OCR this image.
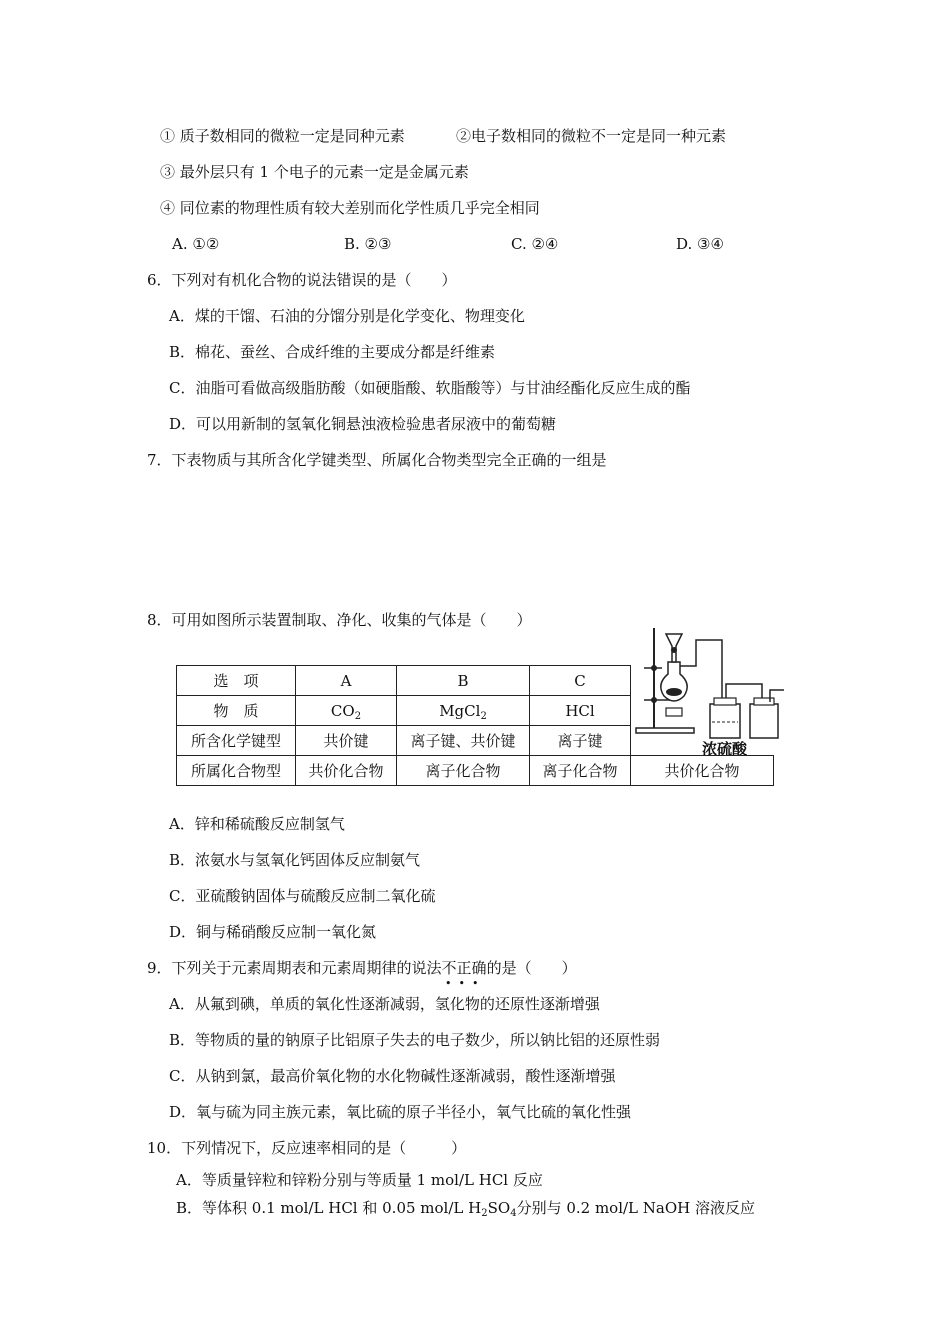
① 质子数相同的微粒一定是同种元素	②电子数相同的微粒不一定是同一种元素
③ 最外层只有 1 个电子的元素一定是金属元素
④ 同位素的物理性质有较大差别而化学性质几乎完全相同
A. ①②	B. ②③	C. ②④	D. ③④
6．下列对有机化合物的说法错误的是（　　）
A．煤的干馏、石油的分馏分别是化学变化、物理变化
B．棉花、蚕丝、合成纤维的主要成分都是纤维素
C．油脂可看做高级脂肪酸（如硬脂酸、软脂酸等）与甘油经酯化反应生成的酯
D．可以用新制的氢氧化铜悬浊液检验患者尿液中的葡萄糖
7．下表物质与其所含化学键类型、所属化合物类型完全正确的一组是
8．可用如图所示装置制取、净化、收集的气体是（　　）
浓硫酸
选　项	A	B	C	
物　质	$CO_2$	MgCl$_2$	HCl	
所含化学键型	共价键	离子键、共价键	离子键	
所属化合物型	共价化合物	离子化合物	离子化合物	共价化合物
A．锌和稀硫酸反应制氢气
B．浓氨水与氢氧化钙固体反应制氨气
C．亚硫酸钠固体与硫酸反应制二氧化硫
D．铜与稀硝酸反应制一氧化氮
9．下列关于元素周期表和元素周期律的说法不正确
•  •  •
的是（　　）
A．从氟到碘，单质的氧化性逐渐减弱，氢化物的还原性逐渐增强
B．等物质的量的钠原子比铝原子失去的电子数少，所以钠比铝的还原性弱
C．从钠到氯，最高价氧化物的水化物碱性逐渐减弱，酸性逐渐增强
D．氧与硫为同主族元素，氧比硫的原子半径小，氧气比硫的氧化性强
10．下列情况下，反应速率相同的是（　　　）
A．等质量锌粒和锌粉分别与等质量 1 mol/L HCl 反应
B．等体积 0.1 mol/L HCl 和 0.05 mol/L $H_2SO_4$分别与 0.2 mol/L NaOH 溶液反应
